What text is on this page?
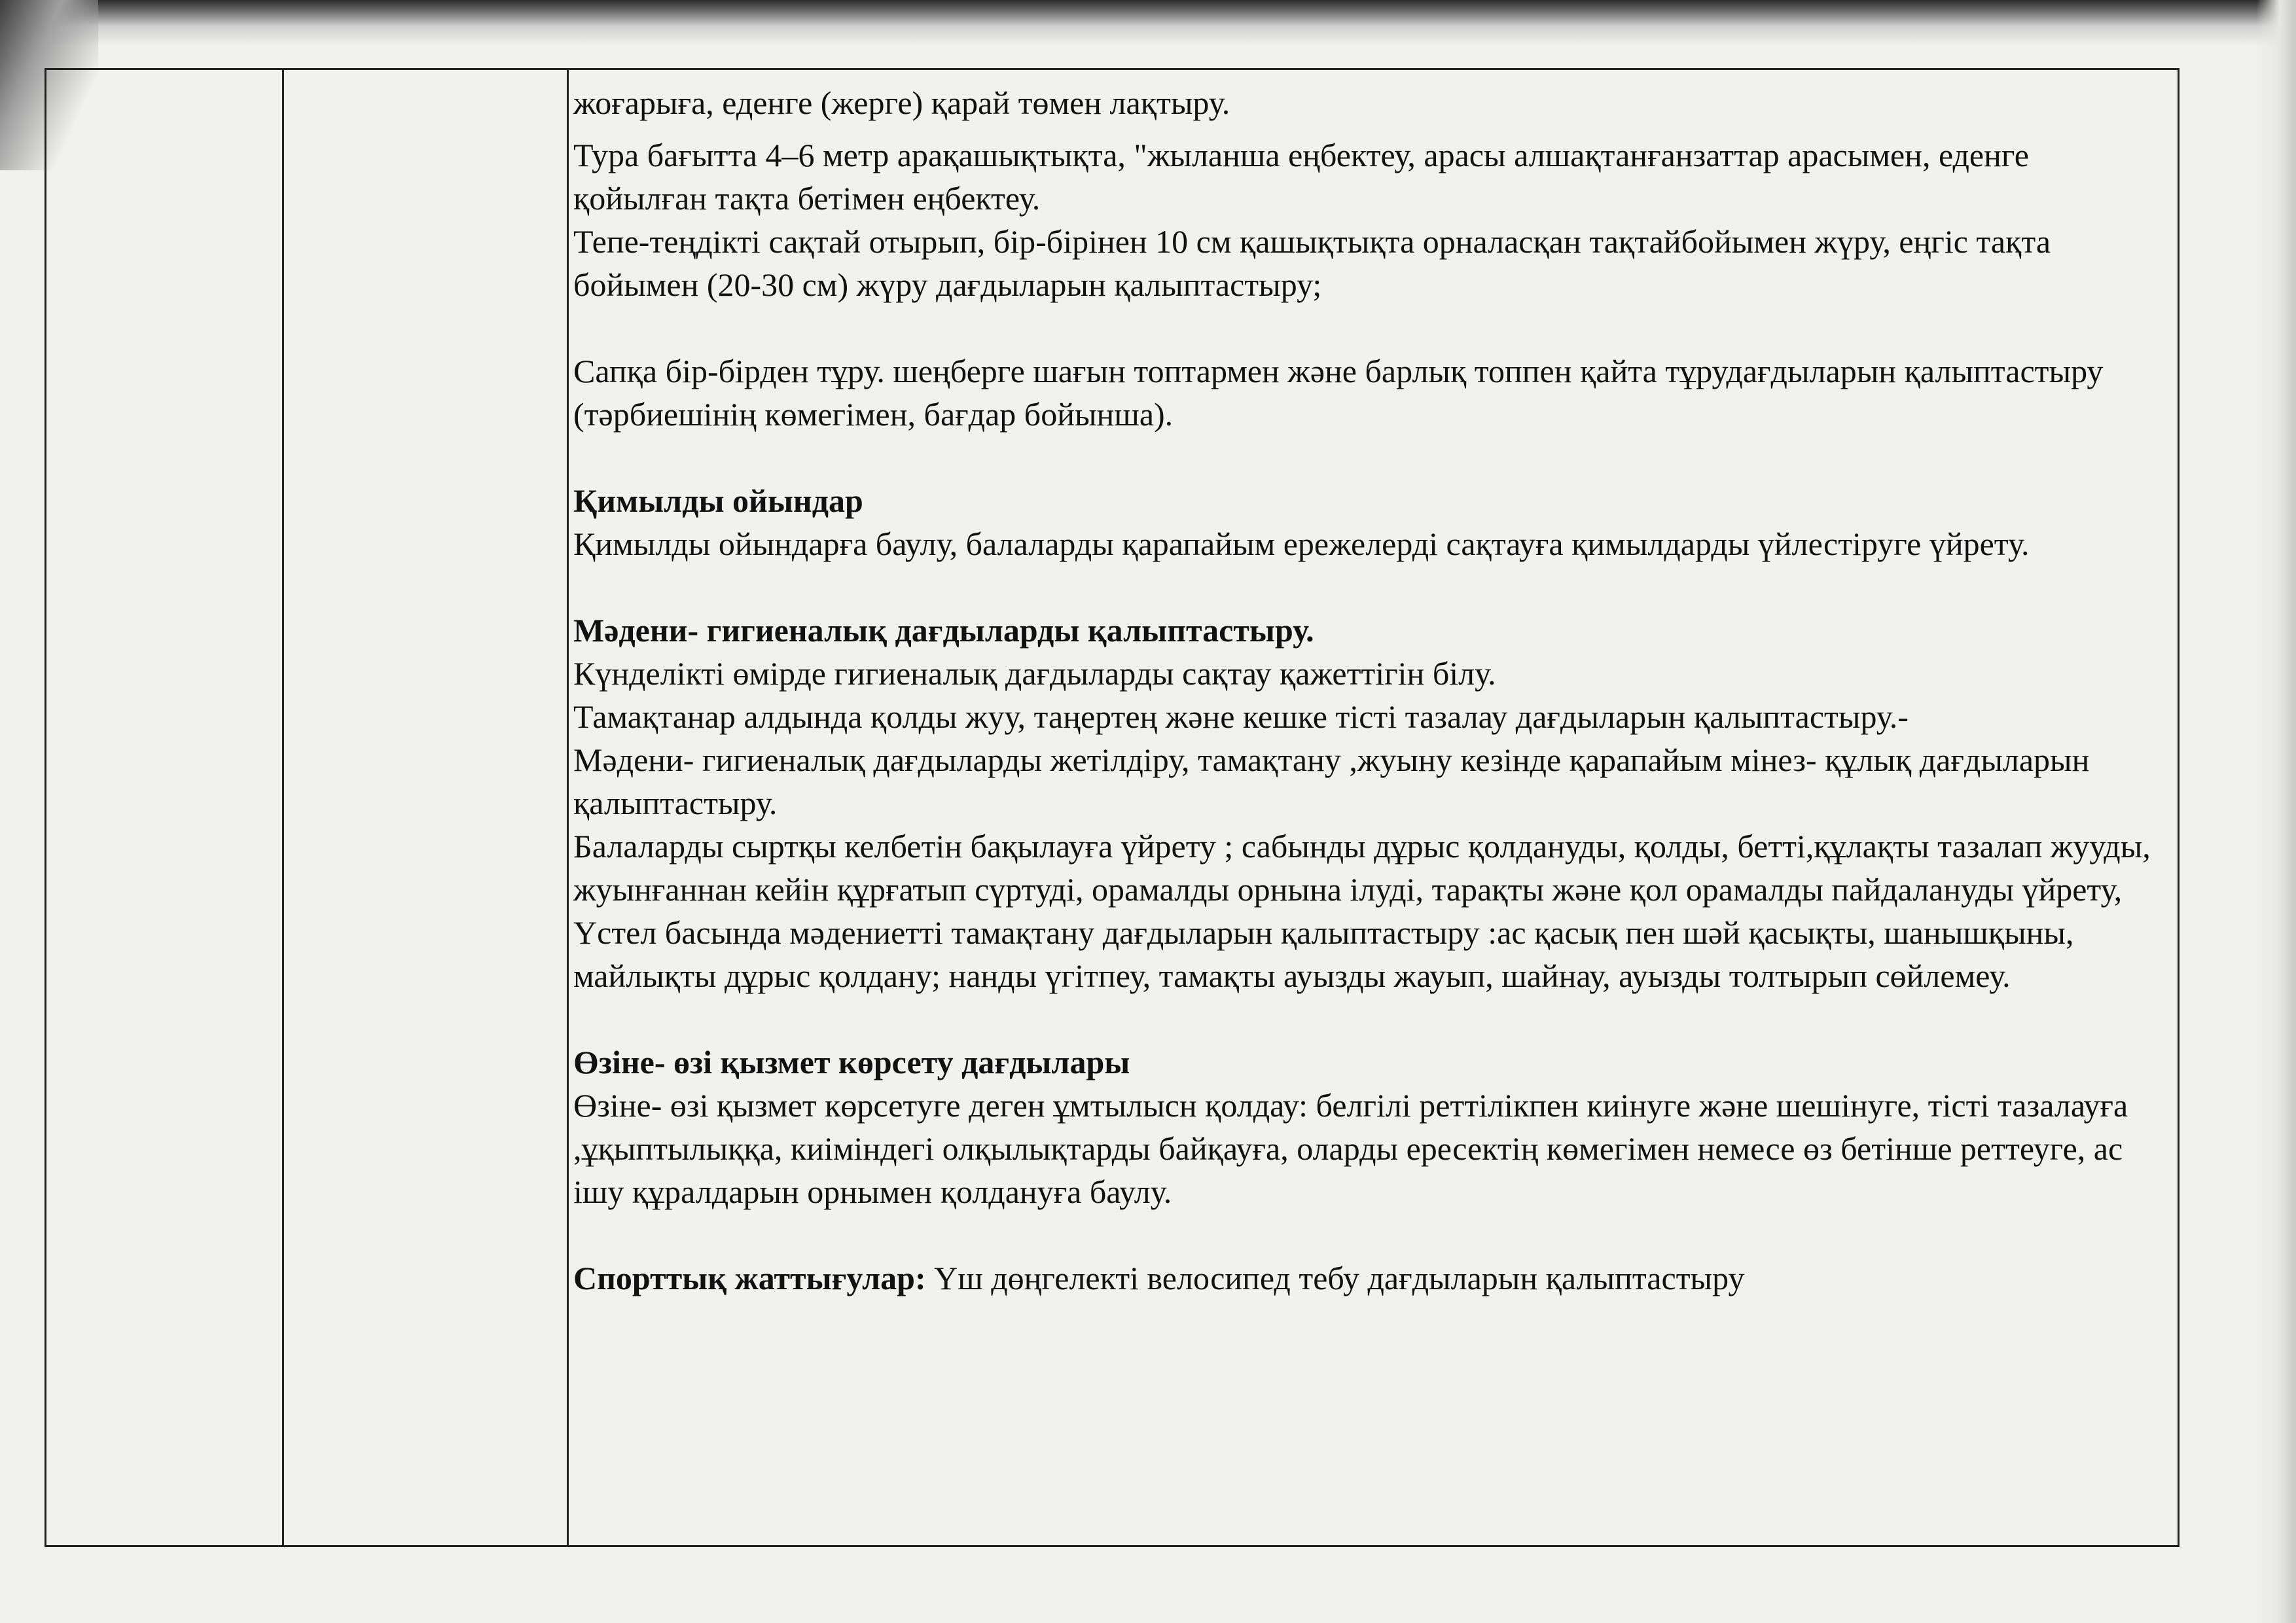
жоғарыға, еденге (жерге) қарай төмен лақтыру.

Тура бағытта 4–6 метр арақашықтықта, "жыланша еңбектеу, арасы алшақтанғанзаттар арасымен, еденге қойылған тақта бетімен еңбектеу.

Тепе-теңдікті сақтай отырып, бір-бірінен 10 см қашықтықта орналасқан тақтайбойымен жүру, еңгіс тақта бойымен (20-30 см) жүру дағдыларын қалыптастыру;

Сапқа бір-бірден тұру. шеңберге шағын топтармен және барлық топпен қайта тұрудағдыларын қалыптастыру (тәрбиешінің көмегімен, бағдар бойынша).

Қимылды ойындар

Қимылды ойындарға баулу, балаларды қарапайым ережелерді сақтауға қимылдарды үйлестіруге үйрету.

Мәдени- гигиеналық дағдыларды қалыптастыру.

Күнделікті өмірде гигиеналық дағдыларды сақтау қажеттігін білу.

Тамақтанар алдында қолды жуу, таңертең және кешке тісті тазалау дағдыларын қалыптастыру.-

Мәдени- гигиеналық дағдыларды жетілдіру, тамақтану ,жуыну кезінде қарапайым мінез- құлық дағдыларын қалыптастыру.

Балаларды сыртқы келбетін бақылауға үйрету ; сабынды дұрыс қолдануды, қолды, бетті,құлақты тазалап жууды, жуынғаннан кейін құрғатып сүртуді, орамалды орнына ілуді, тарақты және қол орамалды пайдалануды үйрету,

Үстел басында мәдениетті тамақтану дағдыларын қалыптастыру :ас қасық пен шәй қасықты, шанышқыны, майлықты дұрыс қолдану; нанды үгітпеу, тамақты ауызды жауып, шайнау, ауызды толтырып сөйлемеу.

Өзіне- өзі қызмет көрсету дағдылары

Өзіне- өзі қызмет көрсетуге деген ұмтылысн қолдау: белгілі реттілікпен киінуге және шешінуге, тісті тазалауға ,ұқыптылыққа, киіміндегі олқылықтарды байқауға, оларды ересектің көмегімен немесе өз бетінше реттеуге, ас ішу құралдарын орнымен қолдануға баулу.

Спорттық жаттығулар: Үш дөңгелекті велосипед тебу дағдыларын қалыптастыру
